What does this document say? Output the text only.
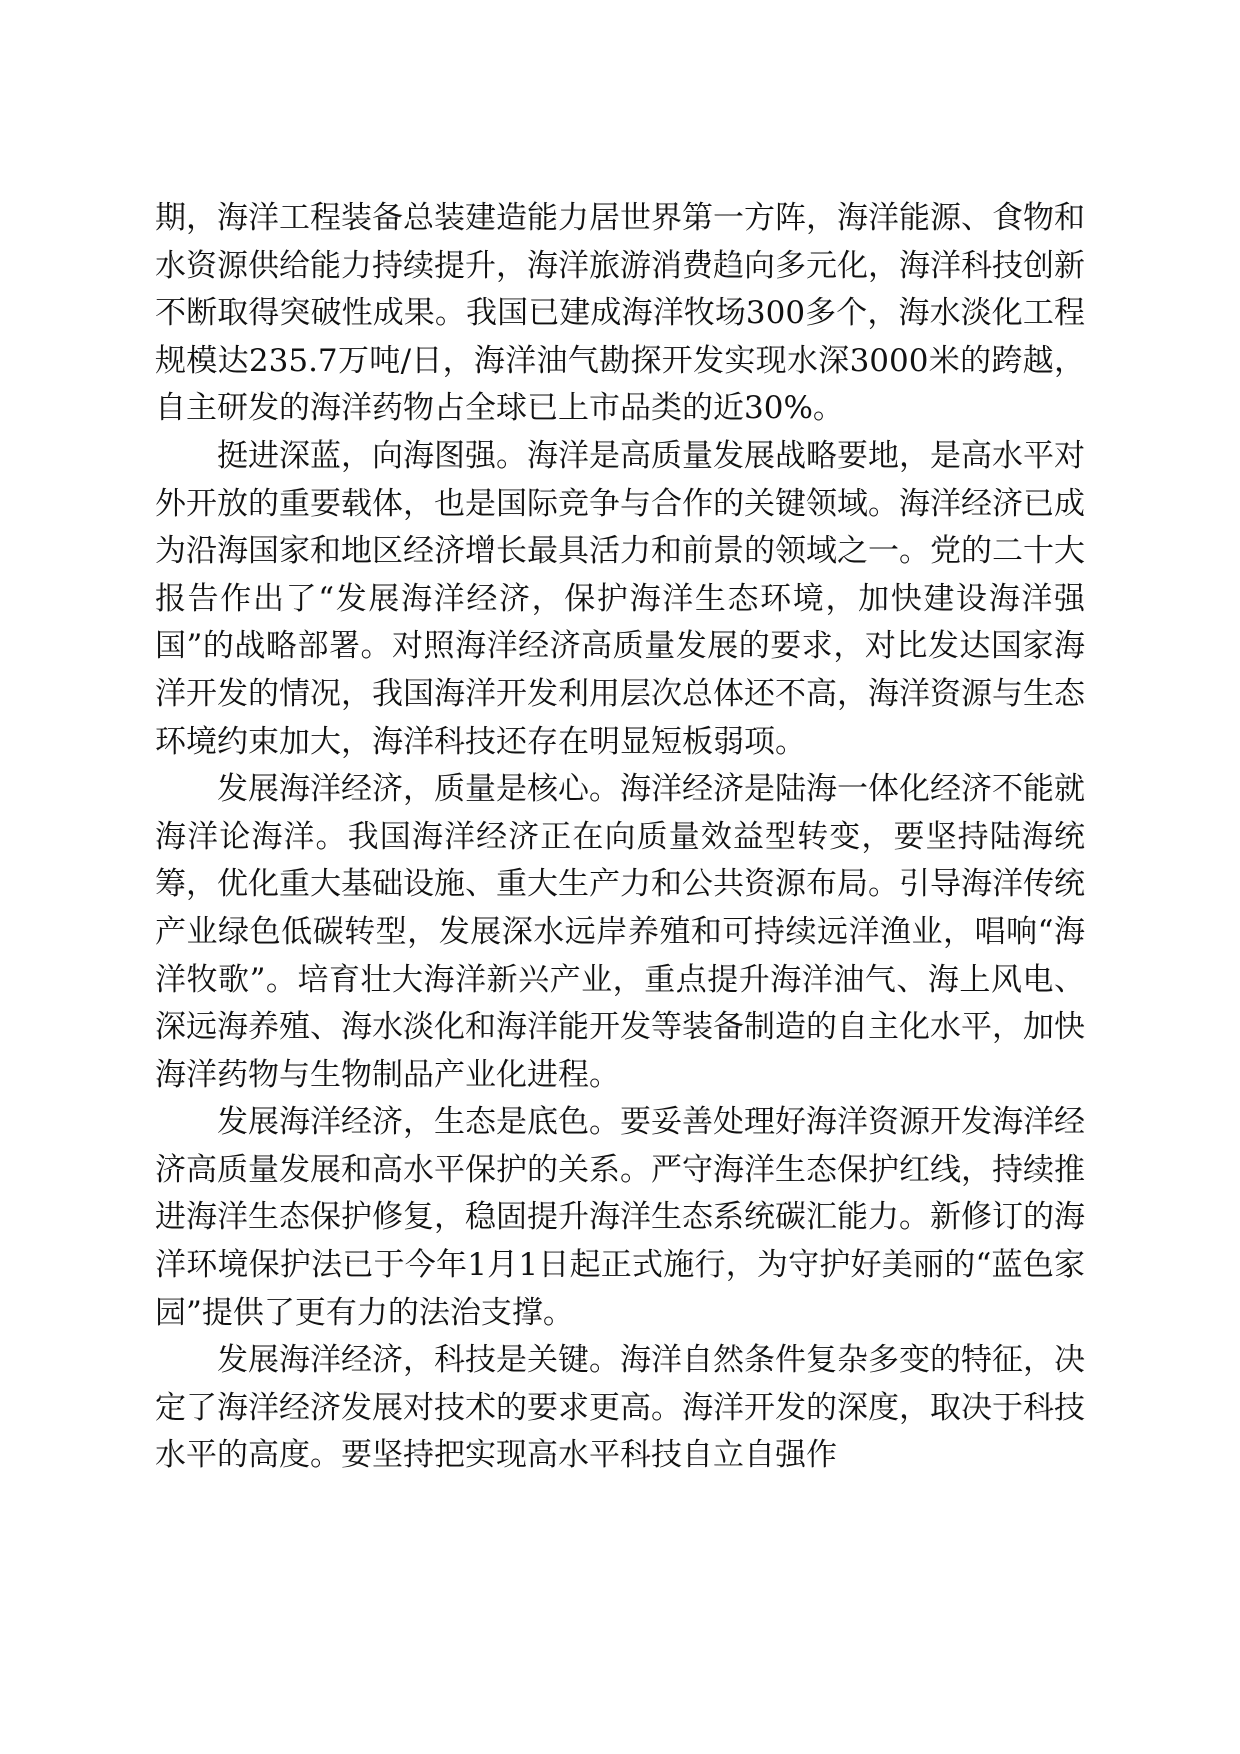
期，海洋工程装备总装建造能力居世界第一方阵，海洋能源、食物和水资源供给能力持续提升，海洋旅游消费趋向多元化，海洋科技创新不断取得突破性成果。我国已建成海洋牧场300多个，海水淡化工程规模达235.7万吨/日，海洋油气勘探开发实现水深3000米的跨越，自主研发的海洋药物占全球已上市品类的近30%。

挺进深蓝，向海图强。海洋是高质量发展战略要地，是高水平对外开放的重要载体，也是国际竞争与合作的关键领域。海洋经济已成为沿海国家和地区经济增长最具活力和前景的领域之一。党的二十大报告作出了“发展海洋经济，保护海洋生态环境，加快建设海洋强国”的战略部署。对照海洋经济高质量发展的要求，对比发达国家海洋开发的情况，我国海洋开发利用层次总体还不高，海洋资源与生态环境约束加大，海洋科技还存在明显短板弱项。

发展海洋经济，质量是核心。海洋经济是陆海一体化经济不能就海洋论海洋。我国海洋经济正在向质量效益型转变，要坚持陆海统筹，优化重大基础设施、重大生产力和公共资源布局。引导海洋传统产业绿色低碳转型，发展深水远岸养殖和可持续远洋渔业，唱响“海洋牧歌”。培育壮大海洋新兴产业，重点提升海洋油气、海上风电、深远海养殖、海水淡化和海洋能开发等装备制造的自主化水平，加快海洋药物与生物制品产业化进程。

发展海洋经济，生态是底色。要妥善处理好海洋资源开发海洋经济高质量发展和高水平保护的关系。严守海洋生态保护红线，持续推进海洋生态保护修复，稳固提升海洋生态系统碳汇能力。新修订的海洋环境保护法已于今年1月1日起正式施行，为守护好美丽的“蓝色家园”提供了更有力的法治支撑。

发展海洋经济，科技是关键。海洋自然条件复杂多变的特征，决定了海洋经济发展对技术的要求更高。海洋开发的深度，取决于科技水平的高度。要坚持把实现高水平科技自立自强作
